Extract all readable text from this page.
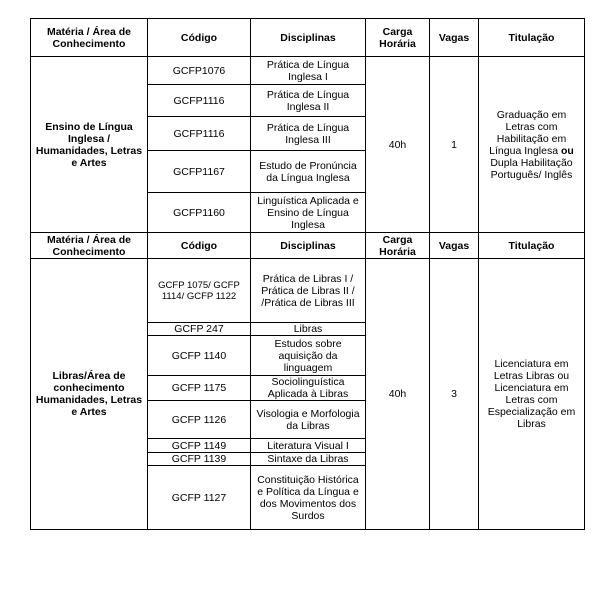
Matéria / Área de Conhecimento	Código	Disciplinas	Carga Horária	Vagas	Titulação
Ensino de Língua Inglesa / Humanidades, Letras e Artes	GCFP1076	Prática de Língua Inglesa I	40h	1	Graduação em Letras com Habilitação em Língua Inglesa ou Dupla Habilitação Português/ Inglês
	GCFP1116	Prática de Língua Inglesa II			
	GCFP1116	Prática de Língua Inglesa III			
	GCFP1167	Estudo de Pronúncia da Língua Inglesa			
	GCFP1160	Linguística Aplicada e Ensino de Língua Inglesa			
Matéria / Área de Conhecimento	Código	Disciplinas	Carga Horária	Vagas	Titulação
Libras/Área de conhecimento Humanidades, Letras e Artes	GCFP 1075/ GCFP 1114/ GCFP 1122	Prática de Libras I / Prática de Libras II / /Prática de Libras III	40h	3	Licenciatura em Letras Libras ou Licenciatura em Letras com Especialização em Libras
	GCFP 247	Libras			
	GCFP 1140	Estudos sobre aquisição da linguagem			
	GCFP 1175	Sociolinguística Aplicada à Libras			
	GCFP 1126	Visologia e Morfologia da Libras			
	GCFP 1149	Literatura Visual I			
	GCFP 1139	Sintaxe da Libras			
	GCFP 1127	Constituição Histórica e Política da Língua e dos Movimentos dos Surdos			
